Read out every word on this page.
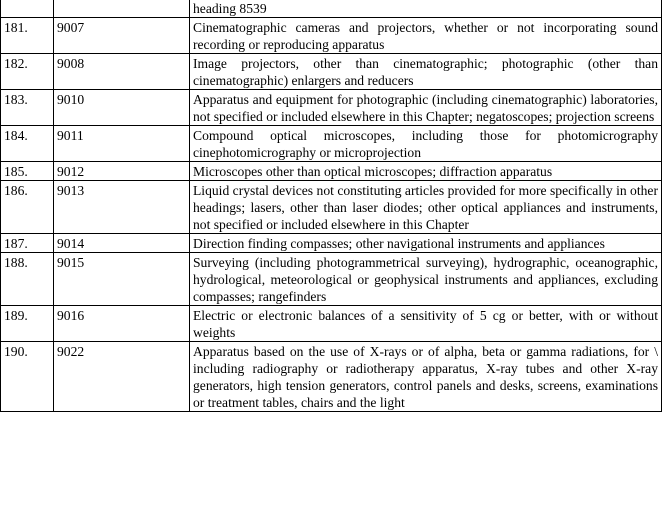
		heading 8539
181.	9007	Cinematographic cameras and projectors, whether or not incorporating sound recording or reproducing apparatus
182.	9008	Image projectors, other than cinematographic; photographic (other than cinematographic) enlargers and reducers
183.	9010	Apparatus and equipment for photographic (including cinematographic) laboratories, not specified or included elsewhere in this Chapter; negatoscopes; projection screens
184.	9011	Compound optical microscopes, including those for photomicrography cinephotomicrography or microprojection
185.	9012	Microscopes other than optical microscopes; diffraction apparatus
186.	9013	Liquid crystal devices not constituting articles provided for more specifically in other headings; lasers, other than laser diodes; other optical appliances and instruments, not specified or included elsewhere in this Chapter
187.	9014	Direction finding compasses; other navigational instruments and appliances
188.	9015	Surveying (including photogrammetrical surveying), hydrographic, oceanographic, hydrological, meteorological or geophysical instruments and appliances, excluding compasses; rangefinders
189.	9016	Electric or electronic balances of a sensitivity of 5 cg or better, with or without weights
190.	9022	Apparatus based on the use of X-rays or of alpha, beta or gamma radiations, for \ including radiography or radiotherapy apparatus, X-ray tubes and other X-ray generators, high tension generators, control panels and desks, screens, examinations or treatment tables, chairs and the light
